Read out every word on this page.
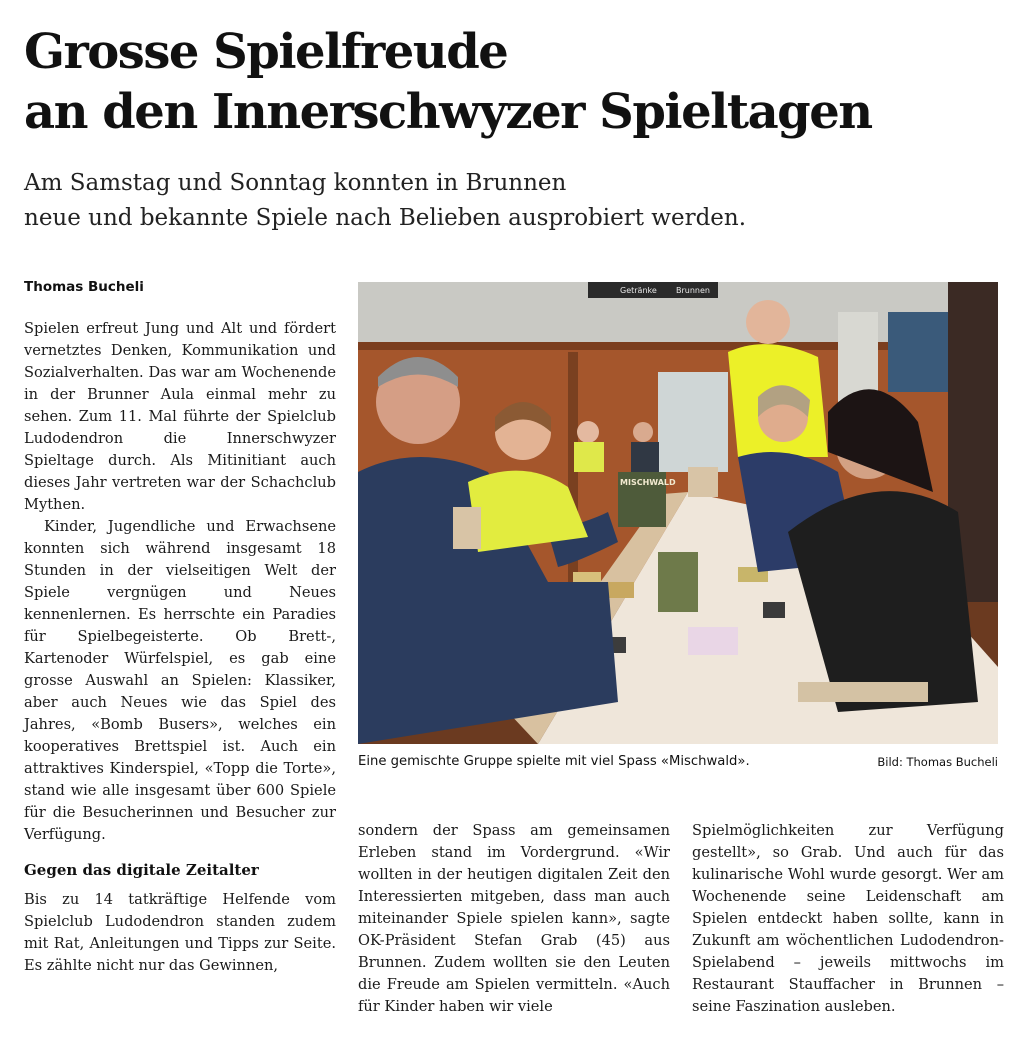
Grosse Spielfreude
an den Innerschwyzer Spieltagen

Am Samstag und Sonntag konnten in Brunnen
neue und bekannte Spiele nach Belieben ausprobiert werden.

Thomas Bucheli

Spielen erfreut Jung und Alt und fördert vernetztes Denken, Kommunikation und Sozialverhalten. Das war am Wochenende in der Brunner Aula einmal mehr zu sehen. Zum 11. Mal führte der Spielclub Ludodendron die Innerschwyzer Spieltage durch. Als Mitinitiant auch dieses Jahr vertreten war der Schachclub Mythen.

Kinder, Jugendliche und Erwachsene konnten sich während insgesamt 18 Stunden in der vielseitigen Welt der Spiele vergnügen und Neues kennenlernen. Es herrschte ein Paradies für Spielbegeisterte. Ob Brett-, Kartenoder Würfelspiel, es gab eine grosse Auswahl an Spielen: Klassiker, aber auch Neues wie das Spiel des Jahres, «Bomb Busers», welches ein kooperatives Brettspiel ist. Auch ein attraktives Kinderspiel, «Topp die Torte», stand wie alle insgesamt über 600 Spiele für die Besucherinnen und Besucher zur Verfügung.

Gegen das digitale Zeitalter

Bis zu 14 tatkräftige Helfende vom Spielclub Ludodendron standen zudem mit Rat, Anleitungen und Tipps zur Seite. Es zählte nicht nur das Gewinnen,

Getränke Brunnen
MISCHWALD
Eine gemischte Gruppe spielte mit viel Spass «Mischwald».	Bild: Thomas Bucheli

sondern der Spass am gemeinsamen Erleben stand im Vordergrund. «Wir wollten in der heutigen digitalen Zeit den Interessierten mitgeben, dass man auch miteinander Spiele spielen kann», sagte OK-Präsident Stefan Grab (45) aus Brunnen. Zudem wollten sie den Leuten die Freude am Spielen vermitteln. «Auch für Kinder haben wir viele

Spielmöglichkeiten zur Verfügung gestellt», so Grab. Und auch für das kulinarische Wohl wurde gesorgt. Wer am Wochenende seine Leidenschaft am Spielen entdeckt haben sollte, kann in Zukunft am wöchentlichen Ludodendron-Spielabend – jeweils mittwochs im Restaurant Stauffacher in Brunnen – seine Faszination ausleben.
